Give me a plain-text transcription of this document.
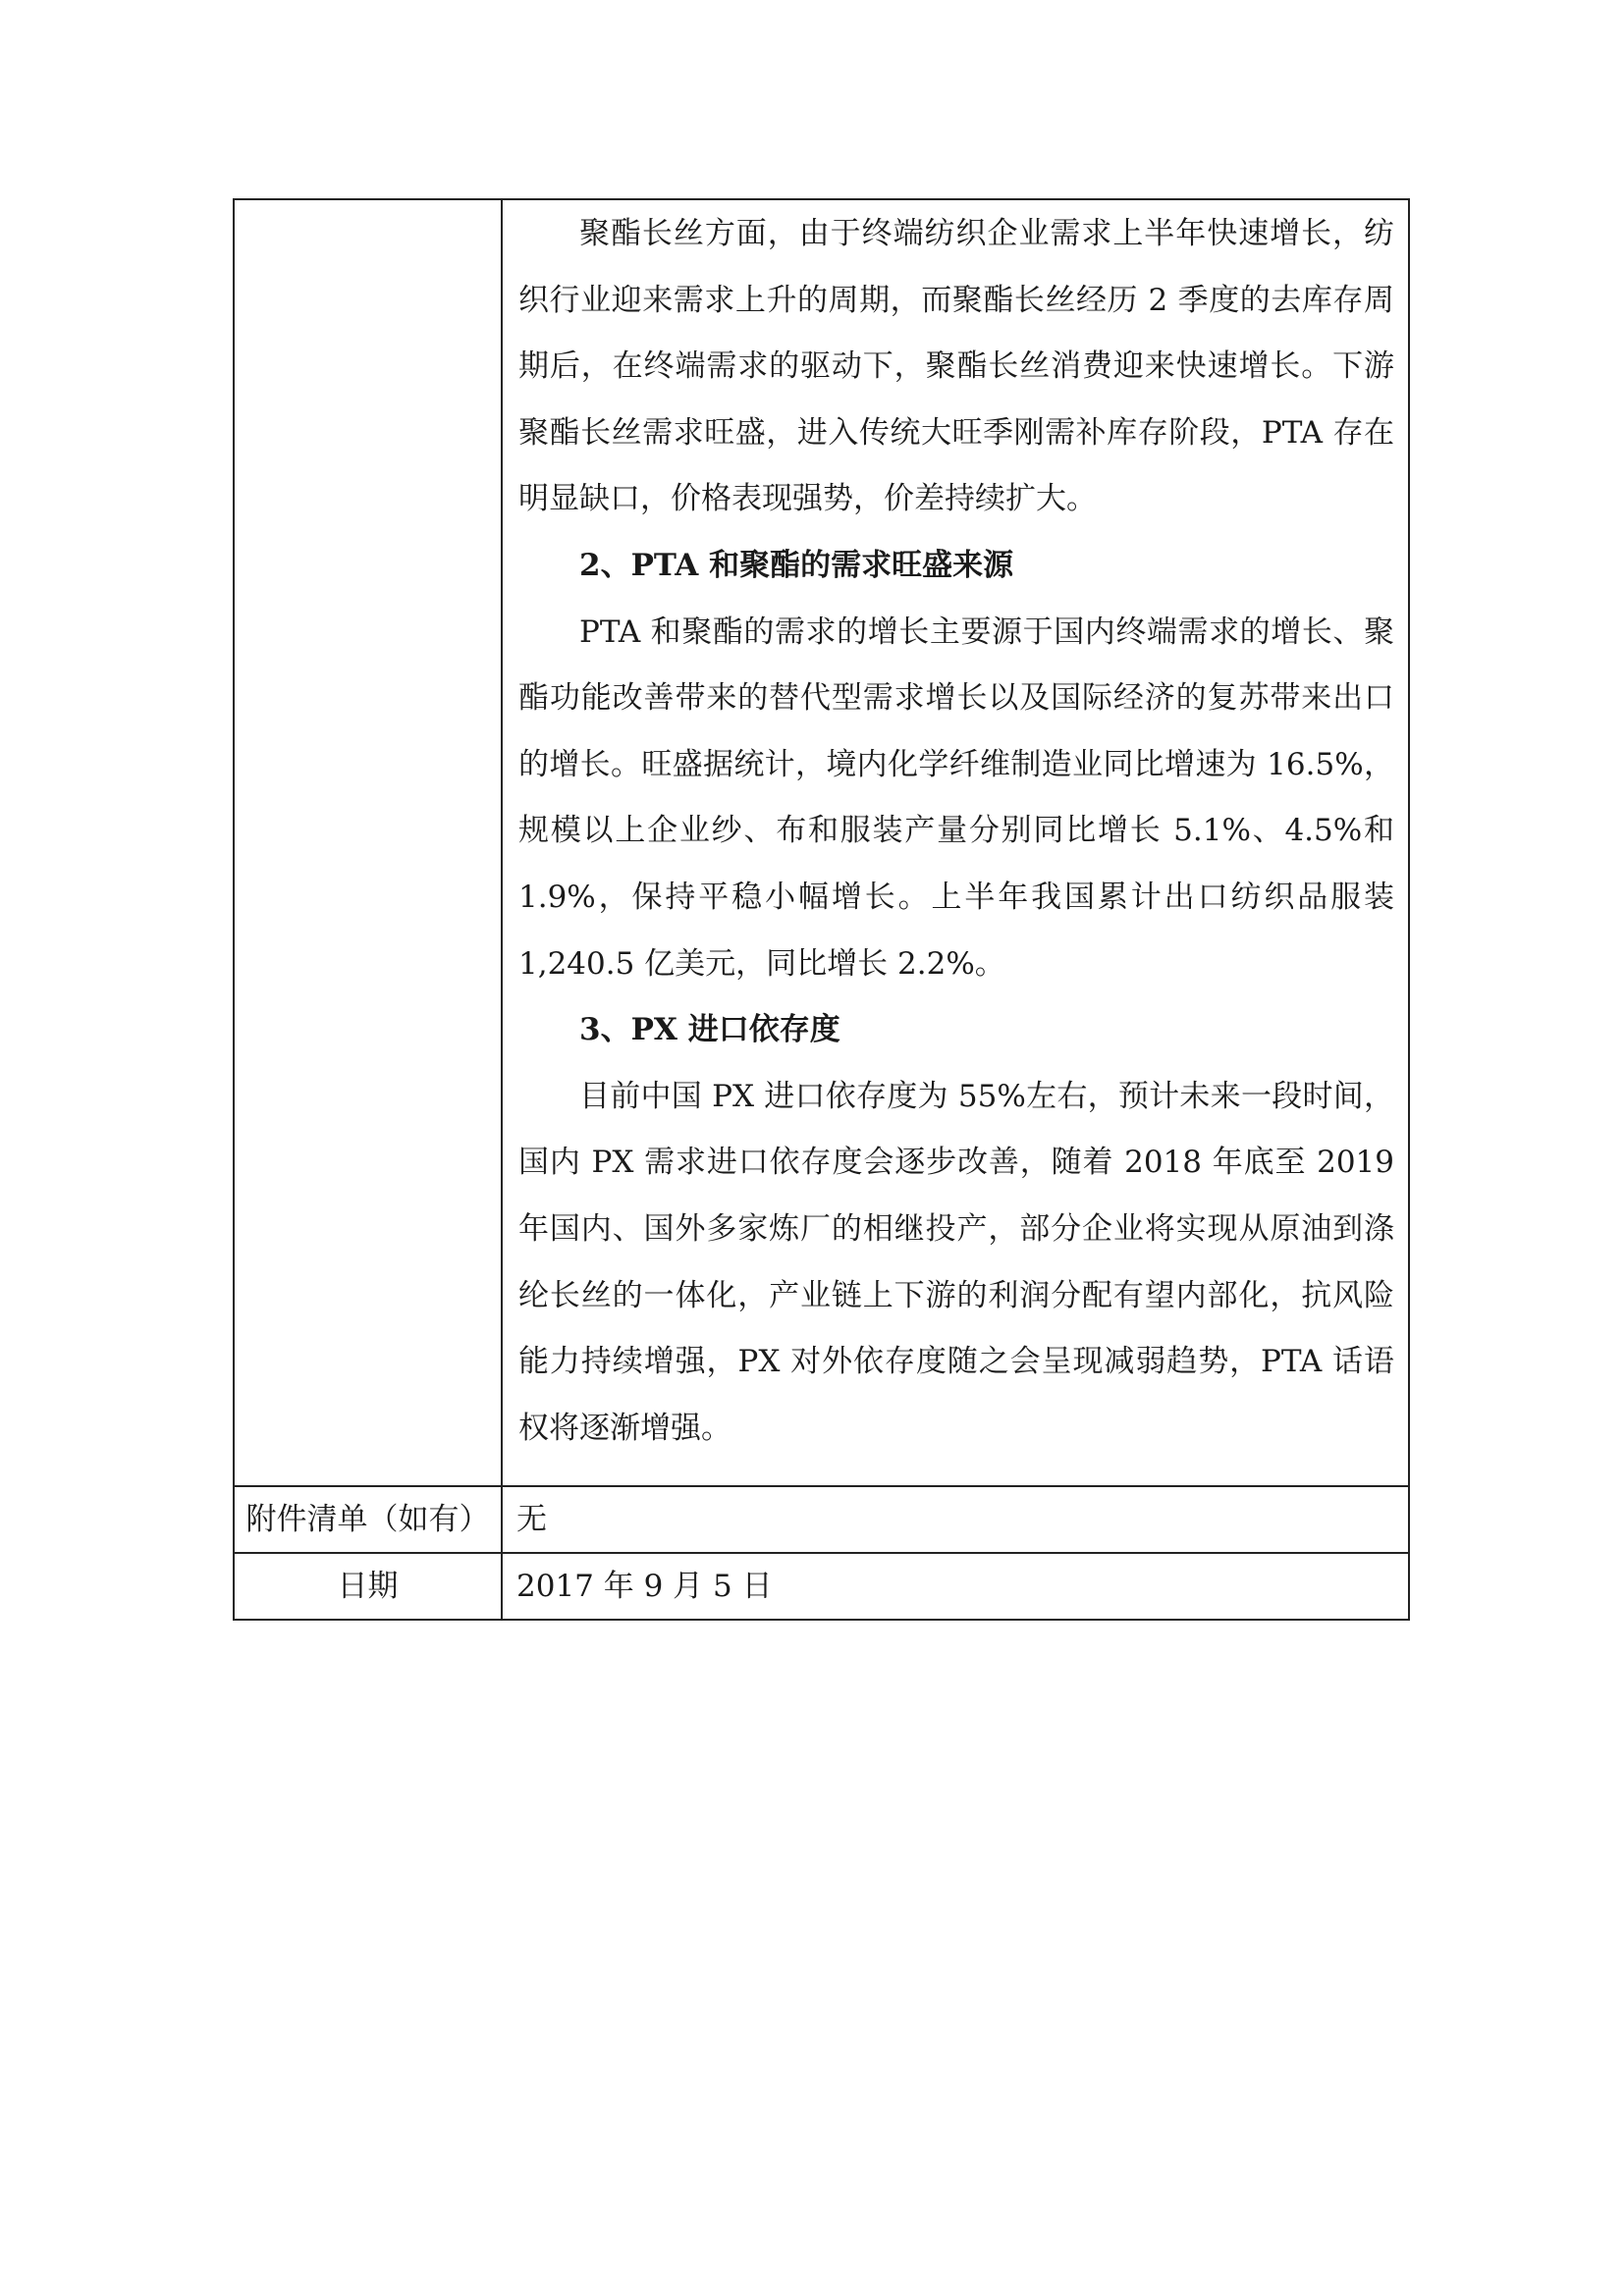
	聚酯长丝方面，由于终端纺织企业需求上半年快速增长，纺织行业迎来需求上升的周期，而聚酯长丝经历 2 季度的去库存周期后，在终端需求的驱动下，聚酯长丝消费迎来快速增长。下游聚酯长丝需求旺盛，进入传统大旺季刚需补库存阶段，PTA 存在明显缺口，价格表现强势，价差持续扩大。

2、PTA 和聚酯的需求旺盛来源

PTA 和聚酯的需求的增长主要源于国内终端需求的增长、聚酯功能改善带来的替代型需求增长以及国际经济的复苏带来出口的增长。旺盛据统计，境内化学纤维制造业同比增速为 16.5%，规模以上企业纱、布和服装产量分别同比增长 5.1%、4.5%和 1.9%，保持平稳小幅增长。上半年我国累计出口纺织品服装 1,240.5 亿美元，同比增长 2.2%。

3、PX 进口依存度

目前中国 PX 进口依存度为 55%左右，预计未来一段时间，国内 PX 需求进口依存度会逐步改善，随着 2018 年底至 2019 年国内、国外多家炼厂的相继投产，部分企业将实现从原油到涤纶长丝的一体化，产业链上下游的利润分配有望内部化，抗风险能力持续增强，PX 对外依存度随之会呈现减弱趋势，PTA 话语权将逐渐增强。

附件清单（如有）	无
日期	2017 年 9 月 5 日
